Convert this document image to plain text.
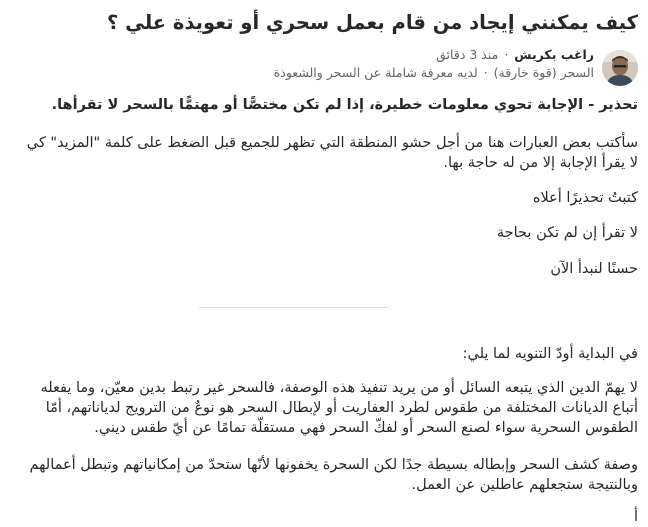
كيف يمكنني إيجاد من قام بعمل سحري أو تعويذة علي ؟
راغب بكريش · منذ 3 دقائق
السحر (قوة خارقة) · لديه معرفة شاملة عن السحر والشعوذة

تحذير - الإجابة تحوي معلومات خطيرة، إذا لم تكن مختصًّا أو مهتمًّا بالسحر لا تقرأها.

سأكتب بعض العبارات هنا من أجل حشو المنطقة التي تظهر للجميع قبل الضغط على كلمة "المزيد" كي لا يقرأ الإجابة إلا من له حاجة بها.

كتبتُ تحذيرًا أعلاه

لا تقرأ إن لم تكن بحاجة

حسنًا لنبدأ الآن

في البداية أودّ التنويه لما يلي:

لا يهمّ الدين الذي يتبعه السائل أو من يريد تنفيذ هذه الوصفة، فالسحر غير رتبط بدين معيّن، وما يفعله أتباع الديانات المختلفة من طقوس لطرد العفاريت أو لإبطال السحر هو نوعٌ من الترويج لدياناتهم، أمّا الطقوس السحرية سواء لصنع السحر أو لفكّ السحر فهي مستقلّة تمامًا عن أيّ طقس ديني.

وصفة كشف السحر وإبطاله بسيطة جدًا لكن السحرة يخفونها لأنّها ستحدّ من إمكانياتهم وتبطل أعمالهم وبالنتيجة ستجعلهم عاطلين عن العمل.

أ
